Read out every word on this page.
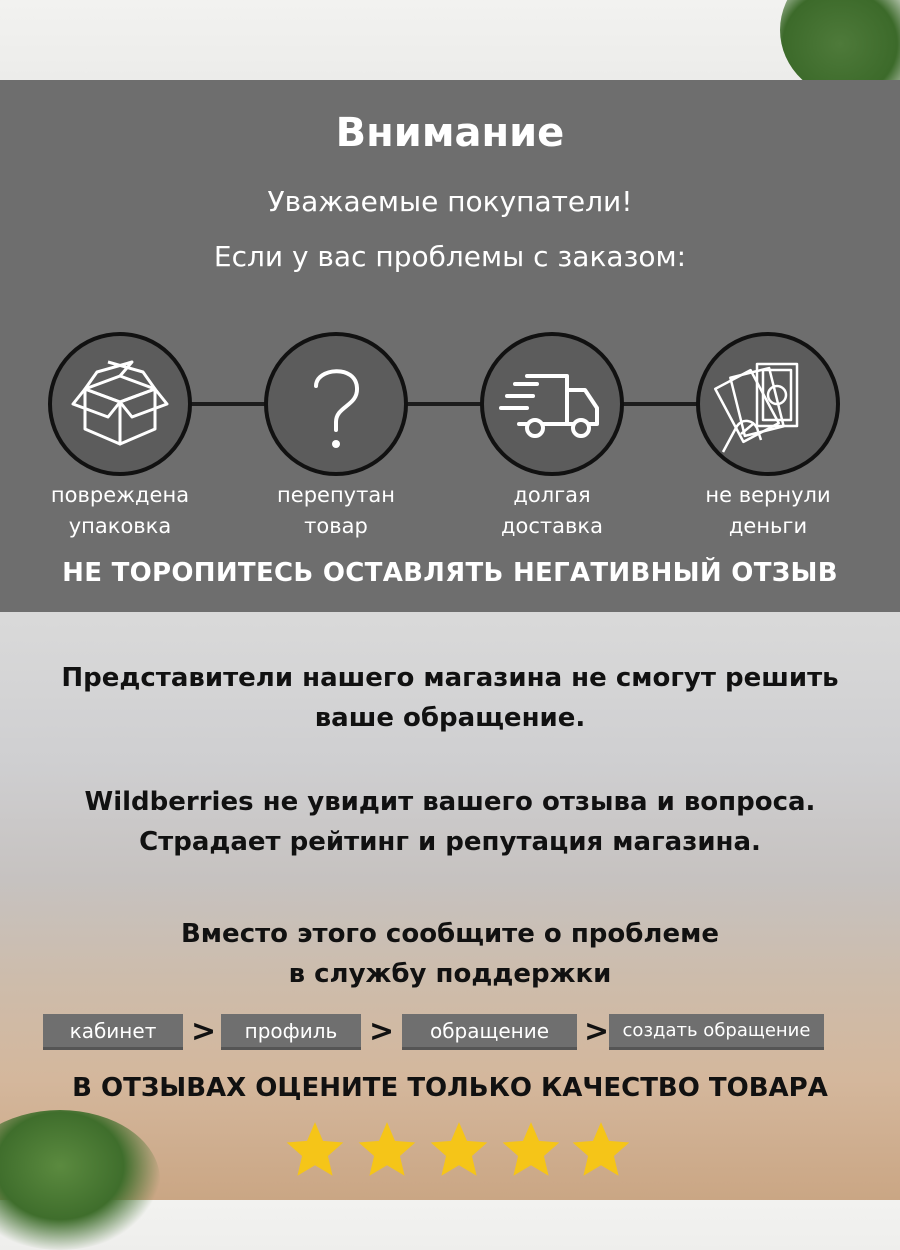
Внимание
Уважаемые покупатели!
Если у вас проблемы с заказом:
повреждена
упаковка
перепутан
товар
долгая
доставка
не вернули
деньги
НЕ ТОРОПИТЕСЬ ОСТАВЛЯТЬ НЕГАТИВНЫЙ ОТЗЫВ
Представители нашего магазина не смогут решить
ваше обращение.
Wildberries не увидит вашего отзыва и вопроса.
Страдает рейтинг и репутация магазина.
Вместо этого сообщите о проблеме
в службу поддержки
кабинет	>	профиль	>	обращение	> создать обращение
В ОТЗЫВАХ ОЦЕНИТЕ ТОЛЬКО КАЧЕСТВО ТОВАРА
